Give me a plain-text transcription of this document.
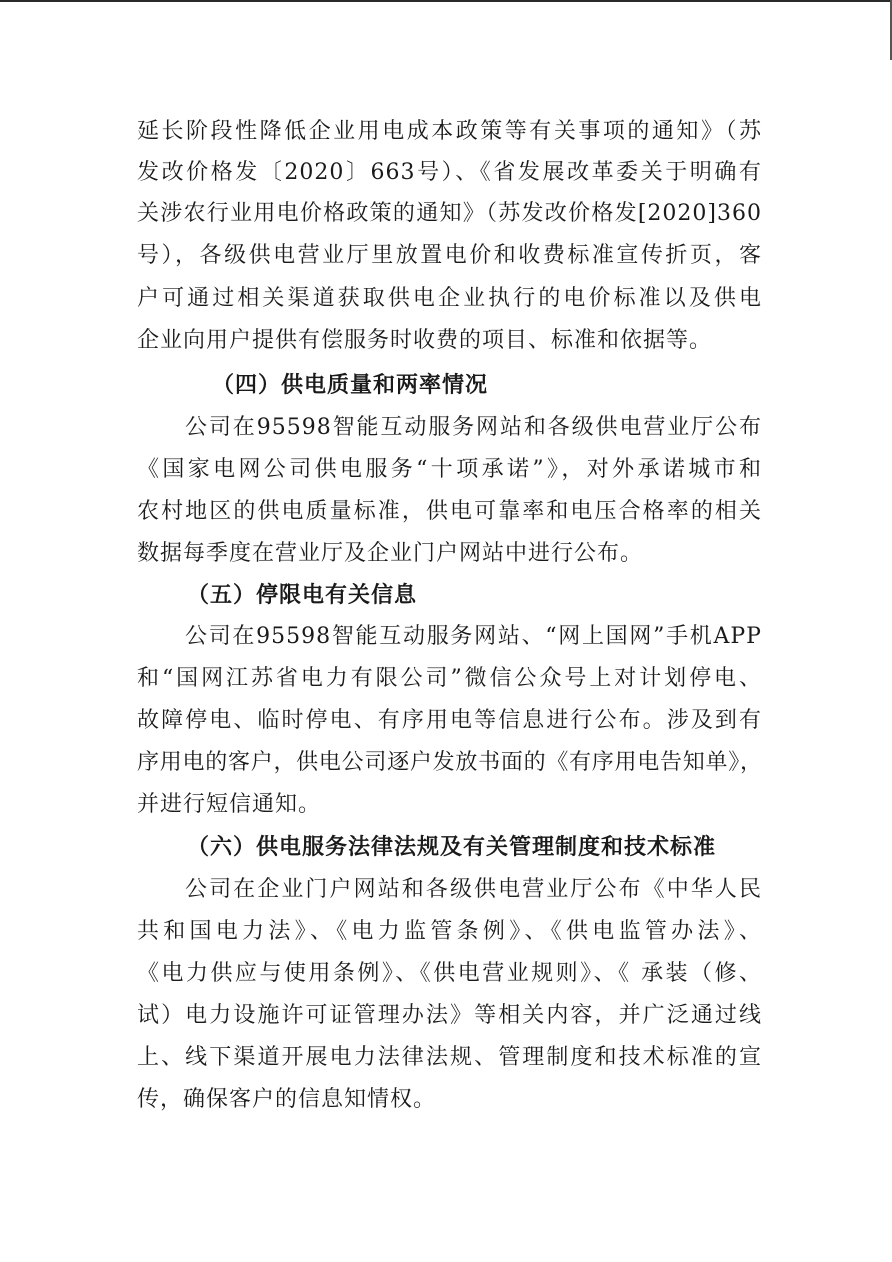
延长阶段性降低企业用电成本政策等有关事项的通知》（苏
发改价格发〔2020〕663号）、《省发展改革委关于明确有
关涉农行业用电价格政策的通知》（苏发改价格发[2020]360
号），各级供电营业厅里放置电价和收费标准宣传折页，客
户可通过相关渠道获取供电企业执行的电价标准以及供电
企业向用户提供有偿服务时收费的项目、标准和依据等。
（四）供电质量和两率情况
公司在95598智能互动服务网站和各级供电营业厅公布
《国家电网公司供电服务“十项承诺”》，对外承诺城市和
农村地区的供电质量标准，供电可靠率和电压合格率的相关
数据每季度在营业厅及企业门户网站中进行公布。
（五）停限电有关信息
公司在95598智能互动服务网站、“网上国网”手机APP
和“国网江苏省电力有限公司”微信公众号上对计划停电、
故障停电、临时停电、有序用电等信息进行公布。涉及到有
序用电的客户，供电公司逐户发放书面的《有序用电告知单》，
并进行短信通知。
（六）供电服务法律法规及有关管理制度和技术标准
公司在企业门户网站和各级供电营业厅公布《中华人民
共和国电力法》、《电力监管条例》、《供电监管办法》、
《电力供应与使用条例》、《供电营业规则》、《 承装（修、
试）电力设施许可证管理办法》等相关内容，并广泛通过线
上、线下渠道开展电力法律法规、管理制度和技术标准的宣
传，确保客户的信息知情权。
